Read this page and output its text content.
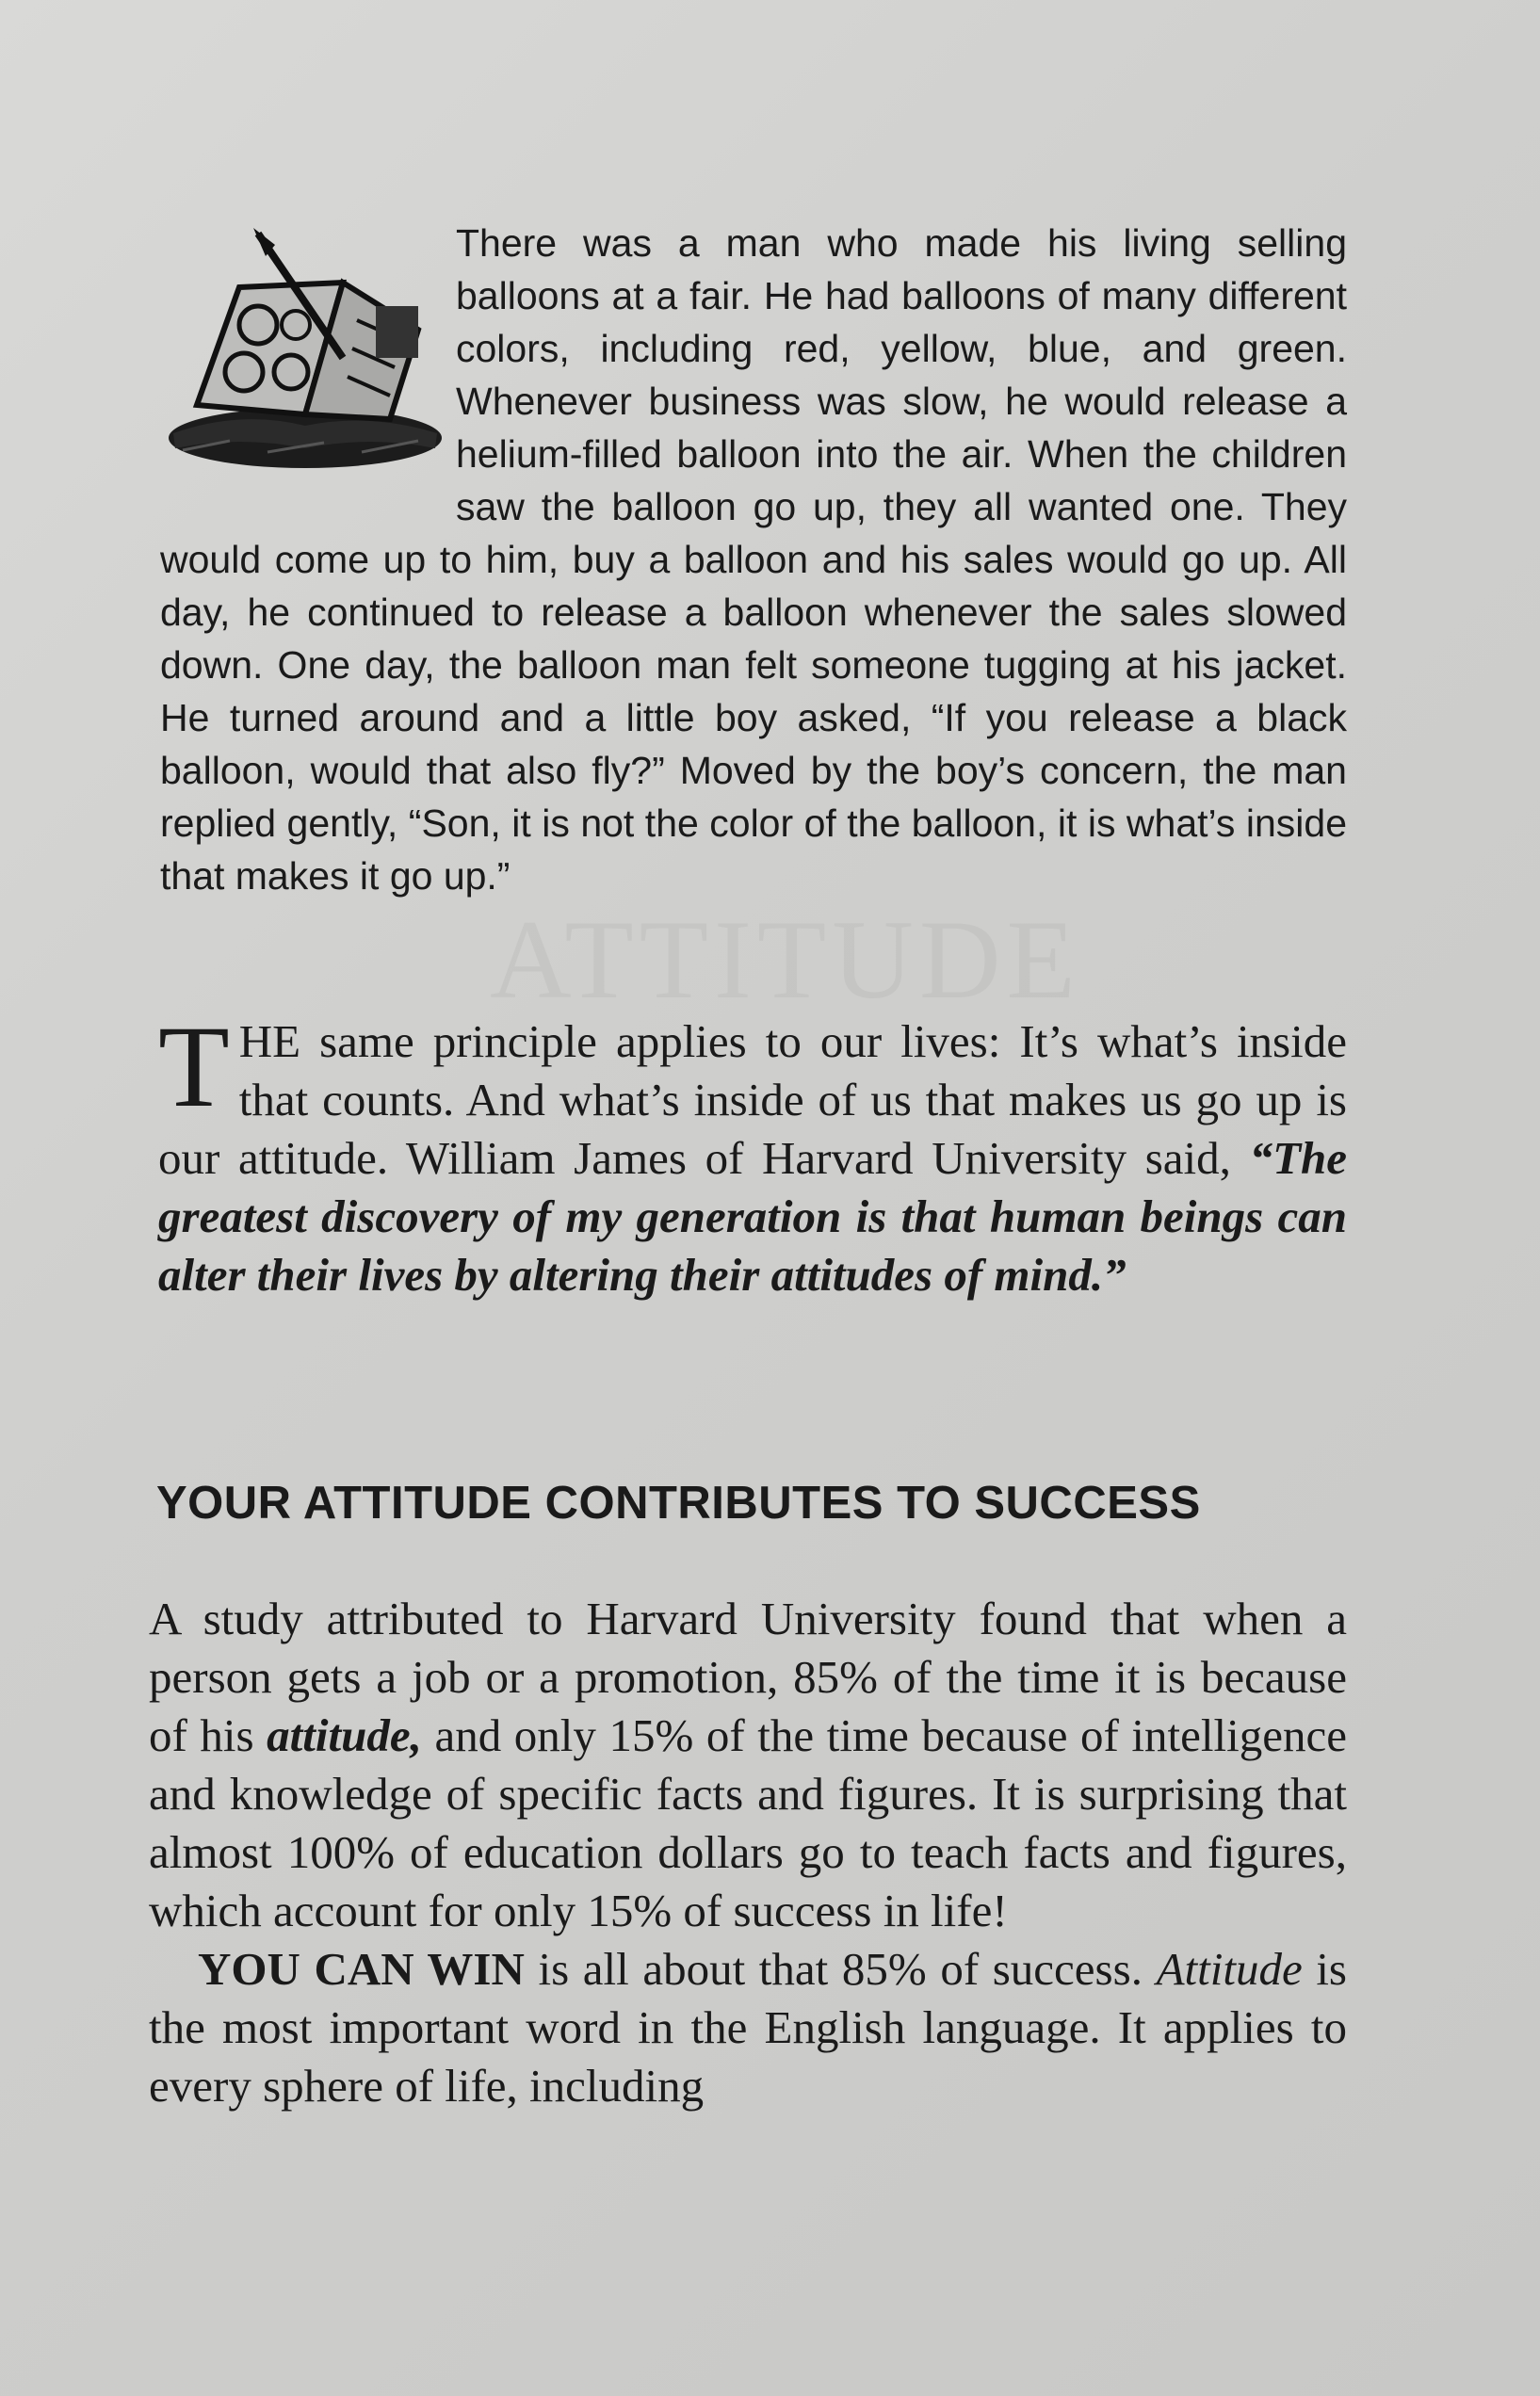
There was a man who made his living selling balloons at a fair. He had balloons of many different colors, including red, yellow, blue, and green. Whenever business was slow, he would release a helium-filled balloon into the air. When the children saw the balloon go up, they all wanted one. They would come up to him, buy a balloon and his sales would go up. All day, he continued to release a balloon whenever the sales slowed down. One day, the balloon man felt someone tugging at his jacket. He turned around and a little boy asked, “If you release a black balloon, would that also fly?” Moved by the boy’s concern, the man replied gently, “Son, it is not the color of the balloon, it is what’s inside that makes it go up.”

THE same principle applies to our lives: It’s what’s inside that counts. And what’s inside of us that makes us go up is our attitude. William James of Harvard University said, “The greatest discovery of my generation is that human beings can alter their lives by altering their attitudes of mind.”

YOUR ATTITUDE CONTRIBUTES TO SUCCESS

A study attributed to Harvard University found that when a person gets a job or a promotion, 85% of the time it is because of his attitude, and only 15% of the time because of intelligence and knowledge of specific facts and figures. It is surprising that almost 100% of education dollars go to teach facts and figures, which account for only 15% of success in life!

YOU CAN WIN is all about that 85% of success. Attitude is the most important word in the English language. It applies to every sphere of life, including
